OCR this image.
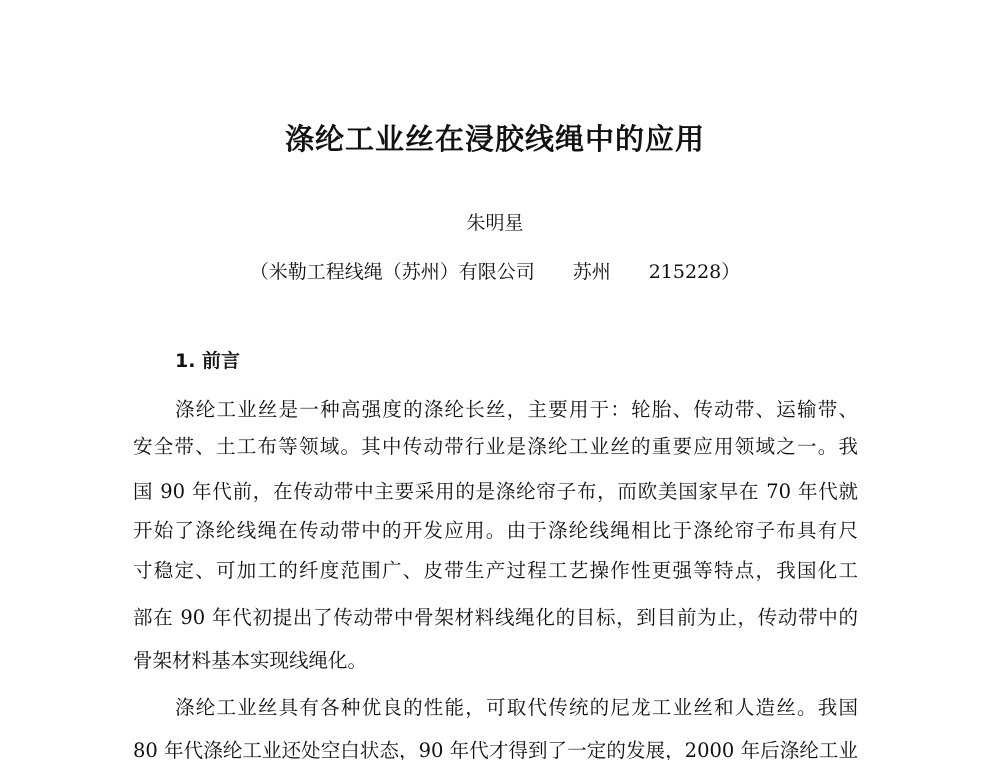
涤纶工业丝在浸胶线绳中的应用

朱明星

（米勒工程线绳（苏州）有限公司　　苏州　　215228）

1. 前言

涤纶工业丝是一种高强度的涤纶长丝，主要用于：轮胎、传动带、运输带、

安全带、土工布等领域。其中传动带行业是涤纶工业丝的重要应用领域之一。我

国 90 年代前，在传动带中主要采用的是涤纶帘子布，而欧美国家早在 70 年代就

开始了涤纶线绳在传动带中的开发应用。由于涤纶线绳相比于涤纶帘子布具有尺

寸稳定、可加工的纤度范围广、皮带生产过程工艺操作性更强等特点，我国化工

部在 90 年代初提出了传动带中骨架材料线绳化的目标，到目前为止，传动带中的

骨架材料基本实现线绳化。

涤纶工业丝具有各种优良的性能，可取代传统的尼龙工业丝和人造丝。我国

80 年代涤纶工业还处空白状态，90 年代才得到了一定的发展，2000 年后涤纶工业
